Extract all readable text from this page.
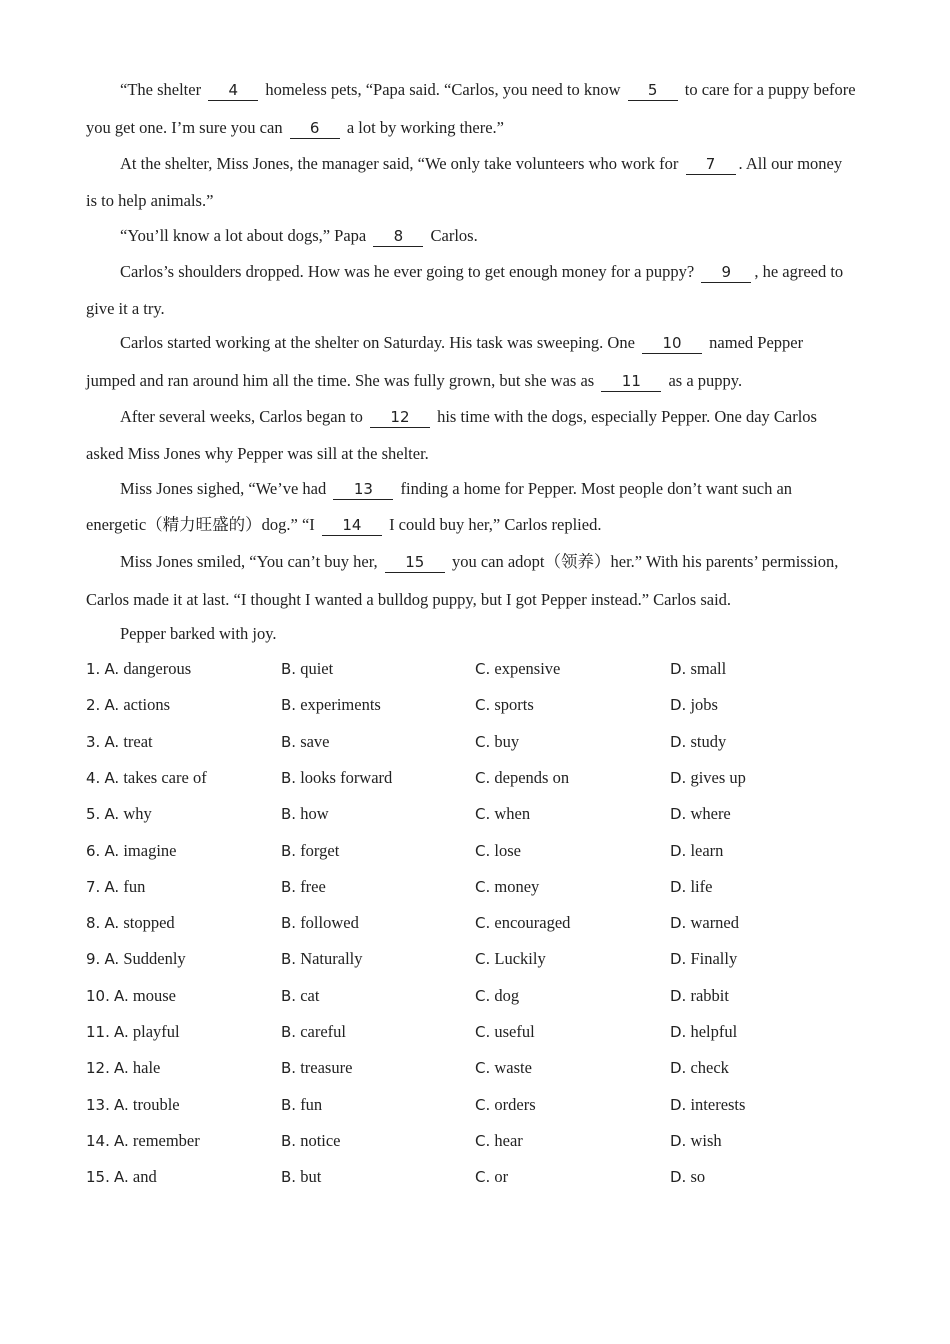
“The shelter 4 homeless pets, “Papa said. “Carlos, you need to know 5 to care for a puppy before
you get one. I’m sure you can 6 a lot by working there.”
At the shelter, Miss Jones, the manager said, “We only take volunteers who work for 7 . All our money
is to help animals.”
“You’ll know a lot about dogs,” Papa 8 Carlos.
Carlos’s shoulders dropped. How was he ever going to get enough money for a puppy? 9 , he agreed to
give it a try.
Carlos started working at the shelter on Saturday. His task was sweeping. One 10 named Pepper
jumped and ran around him all the time. She was fully grown, but she was as 11 as a puppy.
After several weeks, Carlos began to 12 his time with the dogs, especially Pepper. One day Carlos
asked Miss Jones why Pepper was sill at the shelter.
Miss Jones sighed, “We’ve had 13 finding a home for Pepper. Most people don’t want such an
energetic（精力旺盛的）dog.” “I 14 I could buy her,” Carlos replied.
Miss Jones smiled, “You can’t buy her, 15 you can adopt（领养）her.” With his parents’ permission,
Carlos made it at last. “I thought I wanted a bulldog puppy, but I got Pepper instead.” Carlos said.
Pepper barked with joy.
1. A. dangerous	B. quiet	C. expensive	D. small
2. A. actions	B. experiments	C. sports	D. jobs
3. A. treat	B. save	C. buy	D. study
4. A. takes care of	B. looks forward	C. depends on	D. gives up
5. A. why	B. how	C. when	D. where
6. A. imagine	B. forget	C. lose	D. learn
7. A. fun	B. free	C. money	D. life
8. A. stopped	B. followed	C. encouraged	D. warned
9. A. Suddenly	B. Naturally	C. Luckily	D. Finally
10. A. mouse	B. cat	C. dog	D. rabbit
11. A. playful	B. careful	C. useful	D. helpful
12. A. hale	B. treasure	C. waste	D. check
13. A. trouble	B. fun	C. orders	D. interests
14. A. remember	B. notice	C. hear	D. wish
15. A. and	B. but	C. or	D. so
